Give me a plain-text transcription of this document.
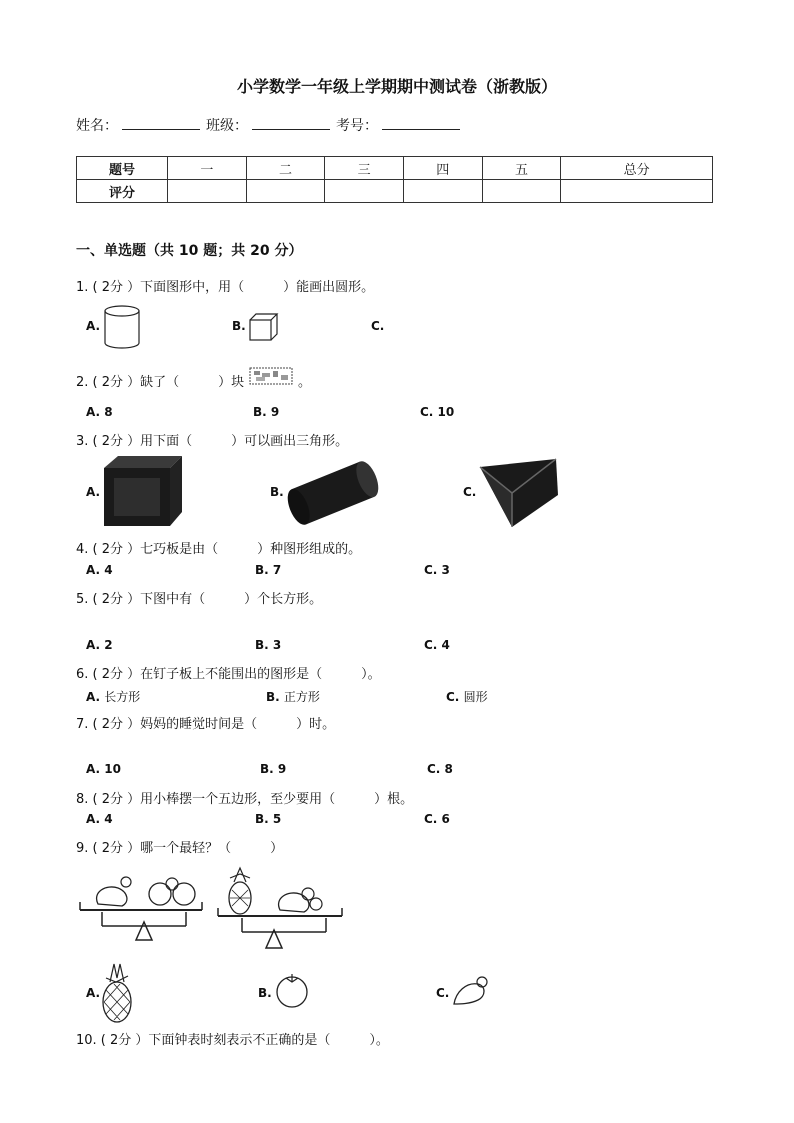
小学数学一年级上学期期中测试卷（浙教版）
姓名：	班级：	考号：
题号	一	二	三	四	五	总分
评分						
一、单选题（共 10 题；共 20 分）
1. ( 2分 ）下面图形中，用（　　　）能画出圆形。
A.	B.	C.
2. ( 2分 ）缺了（　　　）块	。
A. 8	B. 9	C. 10
3. ( 2分 ）用下面（　　　）可以画出三角形。
A.	B.	C.
4. ( 2分 ）七巧板是由（　　　）种图形组成的。
A. 4	B. 7	C. 3
5. ( 2分 ）下图中有（　　　）个长方形。
A. 2	B. 3	C. 4
6. ( 2分 ）在钉子板上不能围出的图形是（　　　）。
A. 长方形	B. 正方形	C. 圆形
7. ( 2分 ）妈妈的睡觉时间是（　　　）时。
A. 10	B. 9	C. 8
8. ( 2分 ）用小棒摆一个五边形，至少要用（　　　）根。
A. 4	B. 5	C. 6
9. ( 2分 ）哪一个最轻？（　　　）
A.	B.	C.
10. ( 2分 ）下面钟表时刻表示不正确的是（　　　）。
